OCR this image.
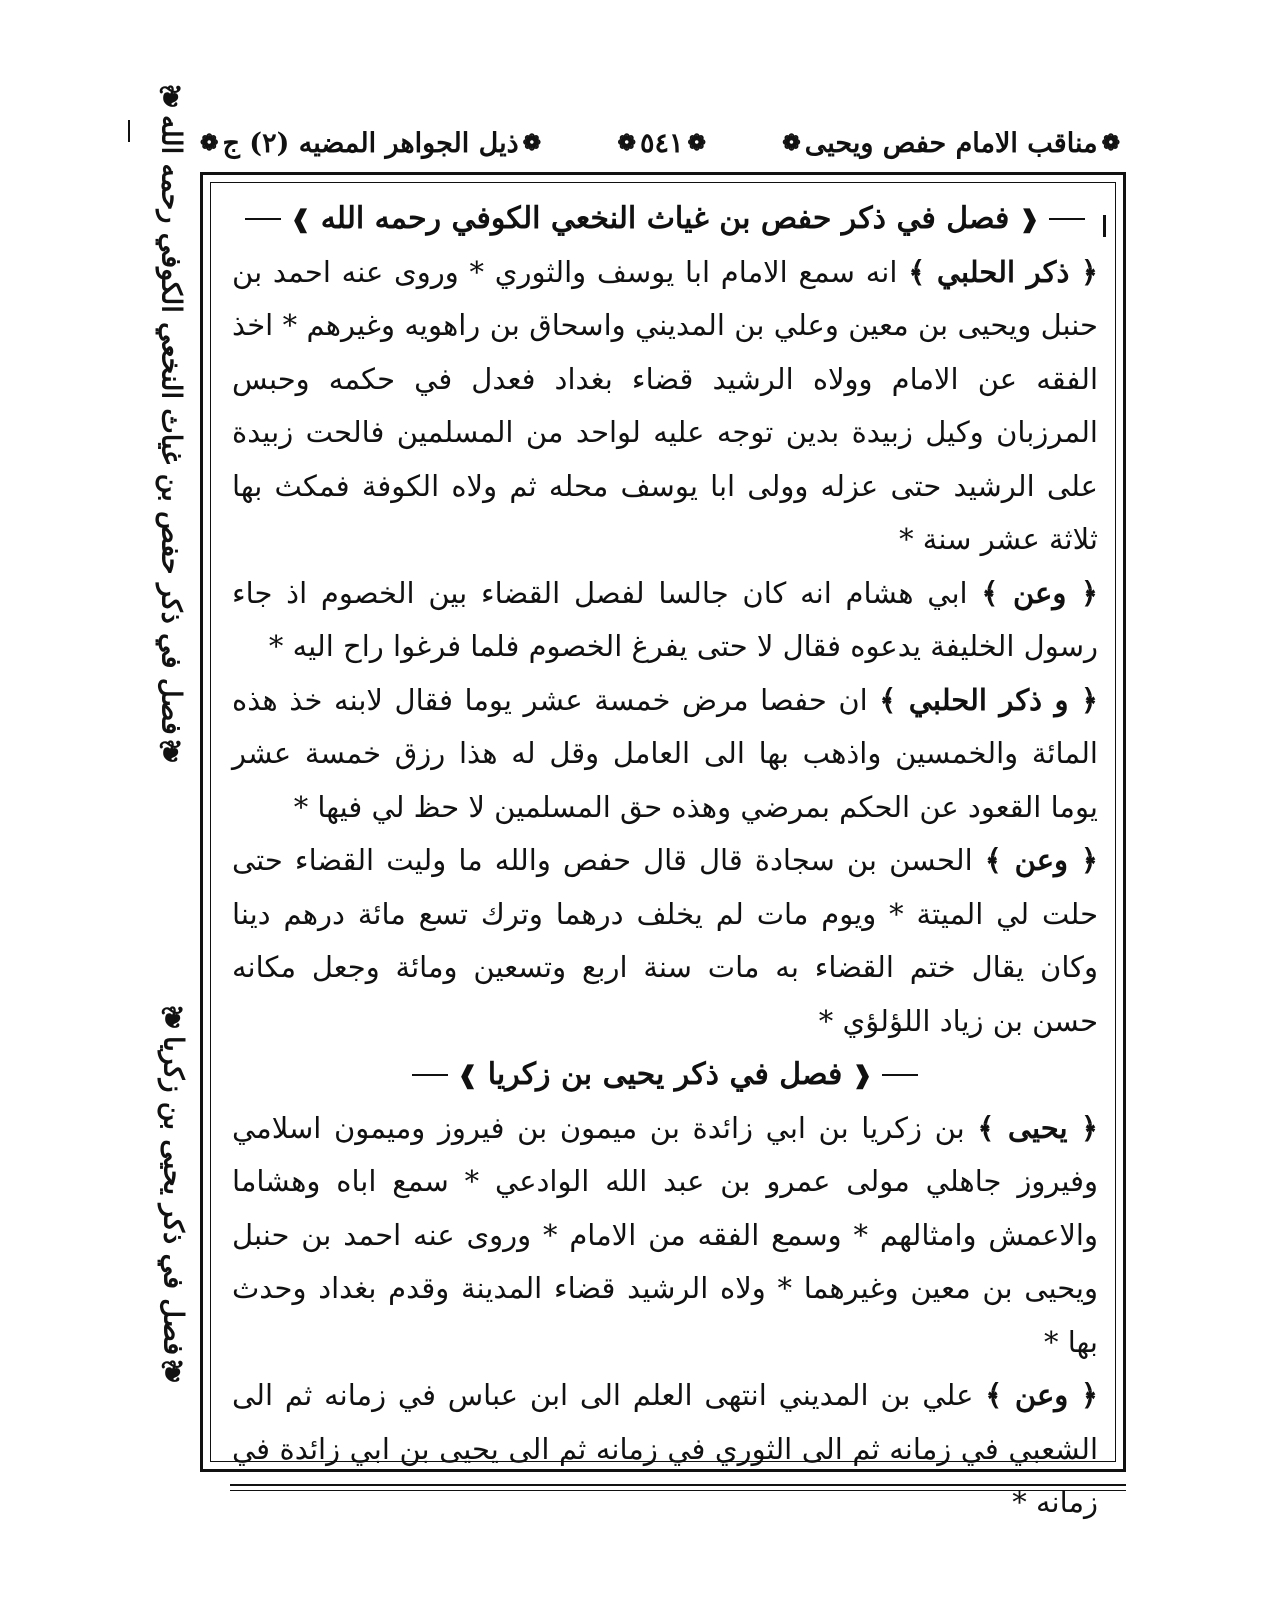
❁
ذيل الجواهر المضيه (٢) ج
❁	❁
٥٤١
❁	❁
مناقب الامام حفص ويحيى
❁
❦
فصل في ذكر حفص بن غياث النخعي الكوفي رحمه الله
❦
❦
فصل في ذكر يحيى بن زكريا
❦
❰
فصل في ذكر حفص بن غياث النخعي الكوفي رحمه الله
❱

﴿ ذكر الحلبي ﴾ انه سمع الامام ابا يوسف والثوري * وروى عنه احمد بن حنبل ويحيى بن معين وعلي بن المديني واسحاق بن راهويه وغيرهم * اخذ الفقه عن الامام وولاه الرشيد قضاء بغداد فعدل في حكمه وحبس المرزبان وكيل زبيدة بدين توجه عليه لواحد من المسلمين فالحت زبيدة على الرشيد حتى عزله وولى ابا يوسف محله ثم ولاه الكوفة فمكث بها ثلاثة عشر سنة *

﴿ وعن ﴾ ابي هشام انه كان جالسا لفصل القضاء بين الخصوم اذ جاء رسول الخليفة يدعوه فقال لا حتى يفرغ الخصوم فلما فرغوا راح اليه *

﴿ و ذكر الحلبي ﴾ ان حفصا مرض خمسة عشر يوما فقال لابنه خذ هذه المائة والخمسين واذهب بها الى العامل وقل له هذا رزق خمسة عشر يوما القعود عن الحكم بمرضي وهذه حق المسلمين لا حظ لي فيها *

﴿ وعن ﴾ الحسن بن سجادة قال قال حفص والله ما وليت القضاء حتى حلت لي الميتة * ويوم مات لم يخلف درهما وترك تسع مائة درهم دينا وكان يقال ختم القضاء به مات سنة اربع وتسعين ومائة وجعل مكانه حسن بن زياد اللؤلؤي *

❰
فصل في ذكر يحيى بن زكريا
❱

﴿ يحيى ﴾ بن زكريا بن ابي زائدة بن ميمون بن فيروز وميمون اسلامي وفيروز جاهلي مولى عمرو بن عبد الله الوادعي * سمع اباه وهشاما والاعمش وامثالهم * وسمع الفقه من الامام * وروى عنه احمد بن حنبل ويحيى بن معين وغيرهما * ولاه الرشيد قضاء المدينة وقدم بغداد وحدث بها *

﴿ وعن ﴾ علي بن المديني انتهى العلم الى ابن عباس في زمانه ثم الى الشعبي في زمانه ثم الى الثوري في زمانه ثم الى يحيى بن ابي زائدة في زمانه *
